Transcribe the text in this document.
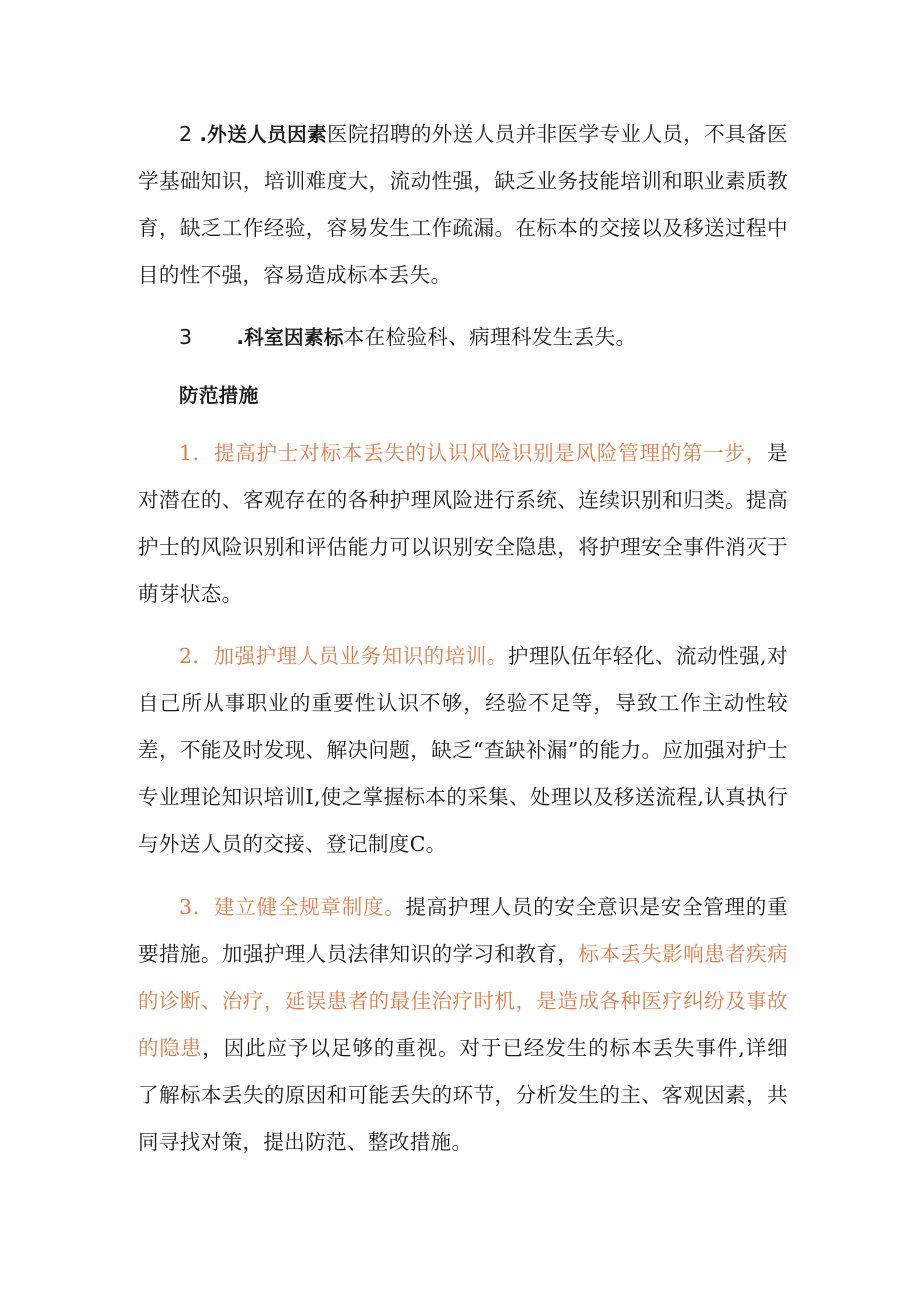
2 .外送人员因素医院招聘的外送人员并非医学专业人员，不具备医学基础知识，培训难度大，流动性强，缺乏业务技能培训和职业素质教育，缺乏工作经验，容易发生工作疏漏。在标本的交接以及移送过程中目的性不强，容易造成标本丢失。

3 .科室因素标本在检验科、病理科发生丢失。

防范措施

1．提高护士对标本丢失的认识风险识别是风险管理的第一步，是对潜在的、客观存在的各种护理风险进行系统、连续识别和归类。提高护士的风险识别和评估能力可以识别安全隐患，将护理安全事件消灭于萌芽状态。

2．加强护理人员业务知识的培训。护理队伍年轻化、流动性强,对自己所从事职业的重要性认识不够，经验不足等，导致工作主动性较差，不能及时发现、解决问题，缺乏“查缺补漏”的能力。应加强对护士专业理论知识培训I,使之掌握标本的采集、处理以及移送流程,认真执行与外送人员的交接、登记制度C。

3．建立健全规章制度。提高护理人员的安全意识是安全管理的重要措施。加强护理人员法律知识的学习和教育，标本丢失影响患者疾病的诊断、治疗，延误患者的最佳治疗时机，是造成各种医疗纠纷及事故的隐患，因此应予以足够的重视。对于已经发生的标本丢失事件,详细了解标本丢失的原因和可能丢失的环节，分析发生的主、客观因素，共同寻找对策，提出防范、整改措施。
